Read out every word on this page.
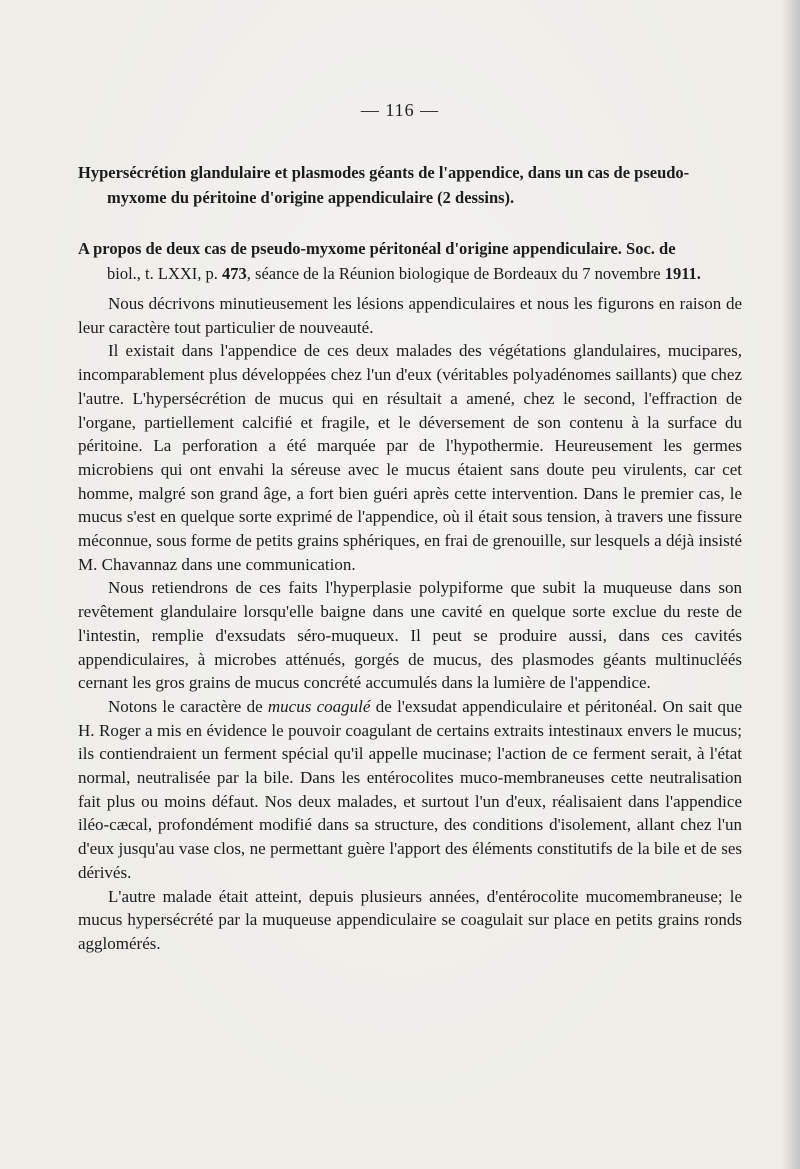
— 116 —
Hypersécrétion glandulaire et plasmodes géants de l'appendice, dans un cas de pseudo-
myxome du péritoine d'origine appendiculaire (2 dessins).
A propos de deux cas de pseudo-myxome péritonéal d'origine appendiculaire. Soc. de
biol., t. LXXI, p. 473, séance de la Réunion biologique de Bordeaux du 7 novembre 1911.

Nous décrivons minutieusement les lésions appendiculaires et nous les figurons en raison de leur caractère tout particulier de nouveauté.

Il existait dans l'appendice de ces deux malades des végétations glandulaires, mucipares, incomparablement plus développées chez l'un d'eux (véritables polyadénomes saillants) que chez l'autre. L'hypersécrétion de mucus qui en résultait a amené, chez le second, l'effraction de l'organe, partiellement calcifié et fragile, et le déversement de son contenu à la surface du péritoine. La perforation a été marquée par de l'hypothermie. Heureusement les germes microbiens qui ont envahi la séreuse avec le mucus étaient sans doute peu virulents, car cet homme, malgré son grand âge, a fort bien guéri après cette intervention. Dans le premier cas, le mucus s'est en quelque sorte exprimé de l'appendice, où il était sous tension, à travers une fissure méconnue, sous forme de petits grains sphériques, en frai de grenouille, sur lesquels a déjà insisté M. Chavannaz dans une communication.

Nous retiendrons de ces faits l'hyperplasie polypiforme que subit la muqueuse dans son revêtement glandulaire lorsqu'elle baigne dans une cavité en quelque sorte exclue du reste de l'intestin, remplie d'exsudats séro-muqueux. Il peut se produire aussi, dans ces cavités appendiculaires, à microbes atténués, gorgés de mucus, des plasmodes géants multinucléés cernant les gros grains de mucus concrété accumulés dans la lumière de l'appendice.

Notons le caractère de mucus coagulé de l'exsudat appendiculaire et péritonéal. On sait que H. Roger a mis en évidence le pouvoir coagulant de certains extraits intestinaux envers le mucus; ils contiendraient un ferment spécial qu'il appelle mucinase; l'action de ce ferment serait, à l'état normal, neutralisée par la bile. Dans les entérocolites muco-membraneuses cette neutralisation fait plus ou moins défaut. Nos deux malades, et surtout l'un d'eux, réalisaient dans l'appendice iléo-cæcal, profondément modifié dans sa structure, des conditions d'isolement, allant chez l'un d'eux jusqu'au vase clos, ne permettant guère l'apport des éléments constitutifs de la bile et de ses dérivés.

L'autre malade était atteint, depuis plusieurs années, d'entérocolite mucomembraneuse; le mucus hypersécrété par la muqueuse appendiculaire se coagulait sur place en petits grains ronds agglomérés.
